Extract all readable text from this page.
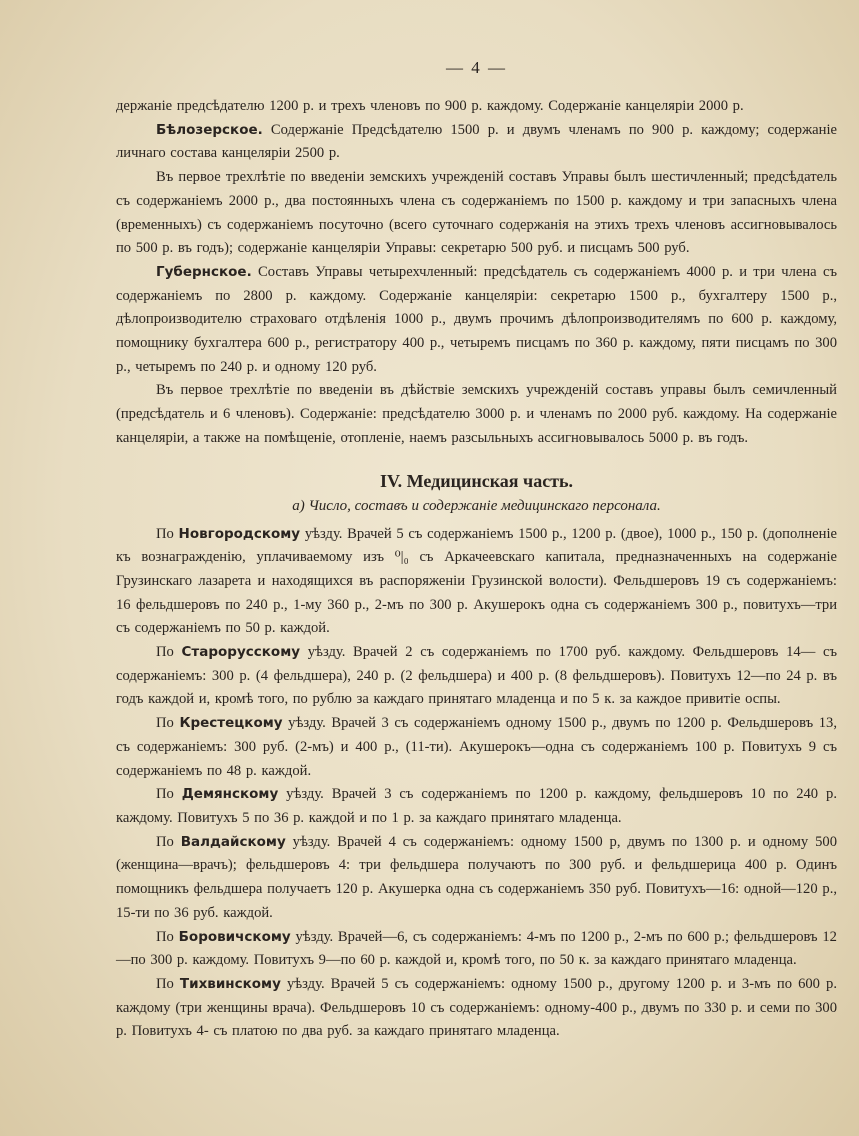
— 4 —

держаніе предсѣдателю 1200 р. и трехъ членовъ по 900 р. каждому. Содержаніе канцеляріи 2000 р.

Бѣлозерское. Содержаніе Предсѣдателю 1500 р. и двумъ членамъ по 900 р. каждому; содержаніе личнаго состава канцеляріи 2500 р.

Въ первое трехлѣтіе по введеніи земскихъ учрежденій составъ Управы былъ шестичленный; предсѣдатель съ содержаніемъ 2000 р., два постоянныхъ члена съ содержаніемъ по 1500 р. каждому и три запасныхъ члена (временныхъ) съ содержаніемъ посуточно (всего суточнаго содержанія на этихъ трехъ членовъ ассигновывалось по 500 р. въ годъ); содержаніе канцеляріи Управы: секретарю 500 руб. и писцамъ 500 руб.

Губернское. Составъ Управы четырехчленный: предсѣдатель съ содержаніемъ 4000 р. и три члена съ содержаніемъ по 2800 р. каждому. Содержаніе канцеляріи: секретарю 1500 р., бухгалтеру 1500 р., дѣлопроизводителю страховаго отдѣленія 1000 р., двумъ прочимъ дѣлопроизводителямъ по 600 р. каждому, помощнику бухгалтера 600 р., регистратору 400 р., четыремъ писцамъ по 360 р. каждому, пяти писцамъ по 300 р., четыремъ по 240 р. и одному 120 руб.

Въ первое трехлѣтіе по введеніи въ дѣйствіе земскихъ учрежденій составъ управы былъ семичленный (предсѣдатель и 6 членовъ). Содержаніе: предсѣдателю 3000 р. и членамъ по 2000 руб. каждому. На содержаніе канцеляріи, а также на помѣщеніе, отопленіе, наемъ разсыльныхъ ассигновывалось 5000 р. въ годъ.

IV. Медицинская часть.
а) Число, составъ и содержаніе медицинскаго персонала.

По Новгородскому уѣзду. Врачей 5 съ содержаніемъ 1500 р., 1200 р. (двое), 1000 р., 150 р. (дополненіе къ вознагражденію, уплачиваемому изъ ⁰|₀ съ Аркачеевскаго капитала, предназначенныхъ на содержаніе Грузинскаго лазарета и находящихся въ распоряженіи Грузинской волости). Фельдшеровъ 19 съ содержаніемъ: 16 фельдшеровъ по 240 р., 1-му 360 р., 2-мъ по 300 р. Акушерокъ одна съ содержаніемъ 300 р., повитухъ—три съ содержаніемъ по 50 р. каждой.

По Старорусскому уѣзду. Врачей 2 съ содержаніемъ по 1700 руб. каждому. Фельдшеровъ 14— съ содержаніемъ: 300 р. (4 фельдшера), 240 р. (2 фельдшера) и 400 р. (8 фельдшеровъ). Повитухъ 12—по 24 р. въ годъ каждой и, кромѣ того, по рублю за каждаго принятаго младенца и по 5 к. за каждое привитіе оспы.

По Крестецкому уѣзду. Врачей 3 съ содержаніемъ одному 1500 р., двумъ по 1200 р. Фельдшеровъ 13, съ содержаніемъ: 300 руб. (2-мъ) и 400 р., (11-ти). Акушерокъ—одна съ содержаніемъ 100 р. Повитухъ 9 съ содержаніемъ по 48 р. каждой.

По Демянскому уѣзду. Врачей 3 съ содержаніемъ по 1200 р. каждому, фельдшеровъ 10 по 240 р. каждому. Повитухъ 5 по 36 р. каждой и по 1 р. за каждаго принятаго младенца.

По Валдайскому уѣзду. Врачей 4 съ содержаніемъ: одному 1500 р, двумъ по 1300 р. и одному 500 (женщина—врачъ); фельдшеровъ 4: три фельдшера получаютъ по 300 руб. и фельдшерица 400 р. Одинъ помощникъ фельдшера получаетъ 120 р. Акушерка одна съ содержаніемъ 350 руб. Повитухъ—16: одной—120 р., 15-ти по 36 руб. каждой.

По Боровичскому уѣзду. Врачей—6, съ содержаніемъ: 4-мъ по 1200 р., 2-мъ по 600 р.; фельдшеровъ 12—по 300 р. каждому. Повитухъ 9—по 60 р. каждой и, кромѣ того, по 50 к. за каждаго принятаго младенца.

По Тихвинскому уѣзду. Врачей 5 съ содержаніемъ: одному 1500 р., другому 1200 р. и 3-мъ по 600 р. каждому (три женщины врача). Фельдшеровъ 10 съ содержаніемъ: одному-400 р., двумъ по 330 р. и семи по 300 р. Повитухъ 4- съ платою по два руб. за каждаго принятаго младенца.
